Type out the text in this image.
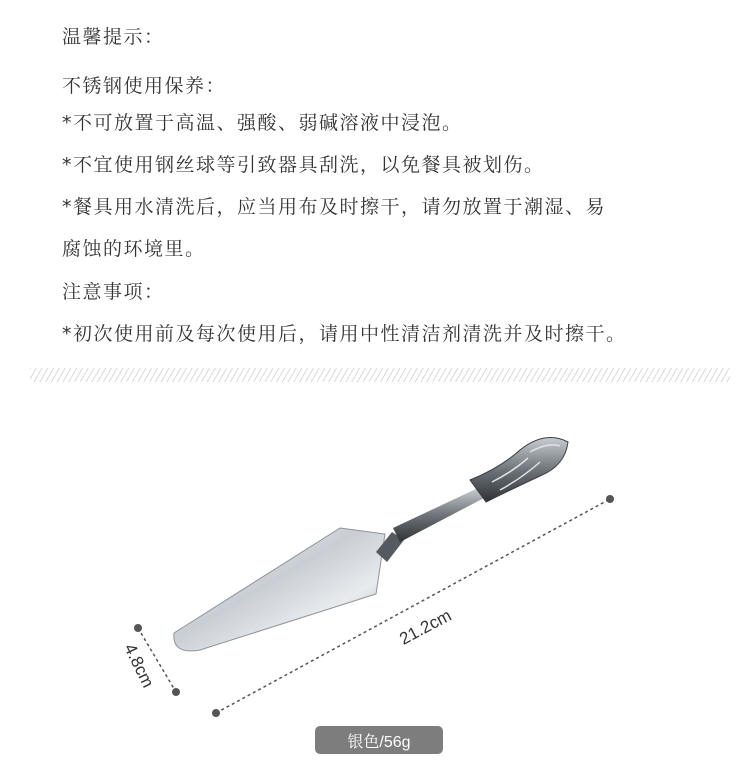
温馨提示：
不锈钢使用保养：
*不可放置于高温、强酸、弱碱溶液中浸泡。
*不宜使用钢丝球等引致器具刮洗，以免餐具被划伤。
*餐具用水清洗后，应当用布及时擦干，请勿放置于潮湿、易
腐蚀的环境里。
注意事项：
*初次使用前及每次使用后，请用中性清洁剂清洗并及时擦干。
21.2cm
4.8cm
银色/56g
